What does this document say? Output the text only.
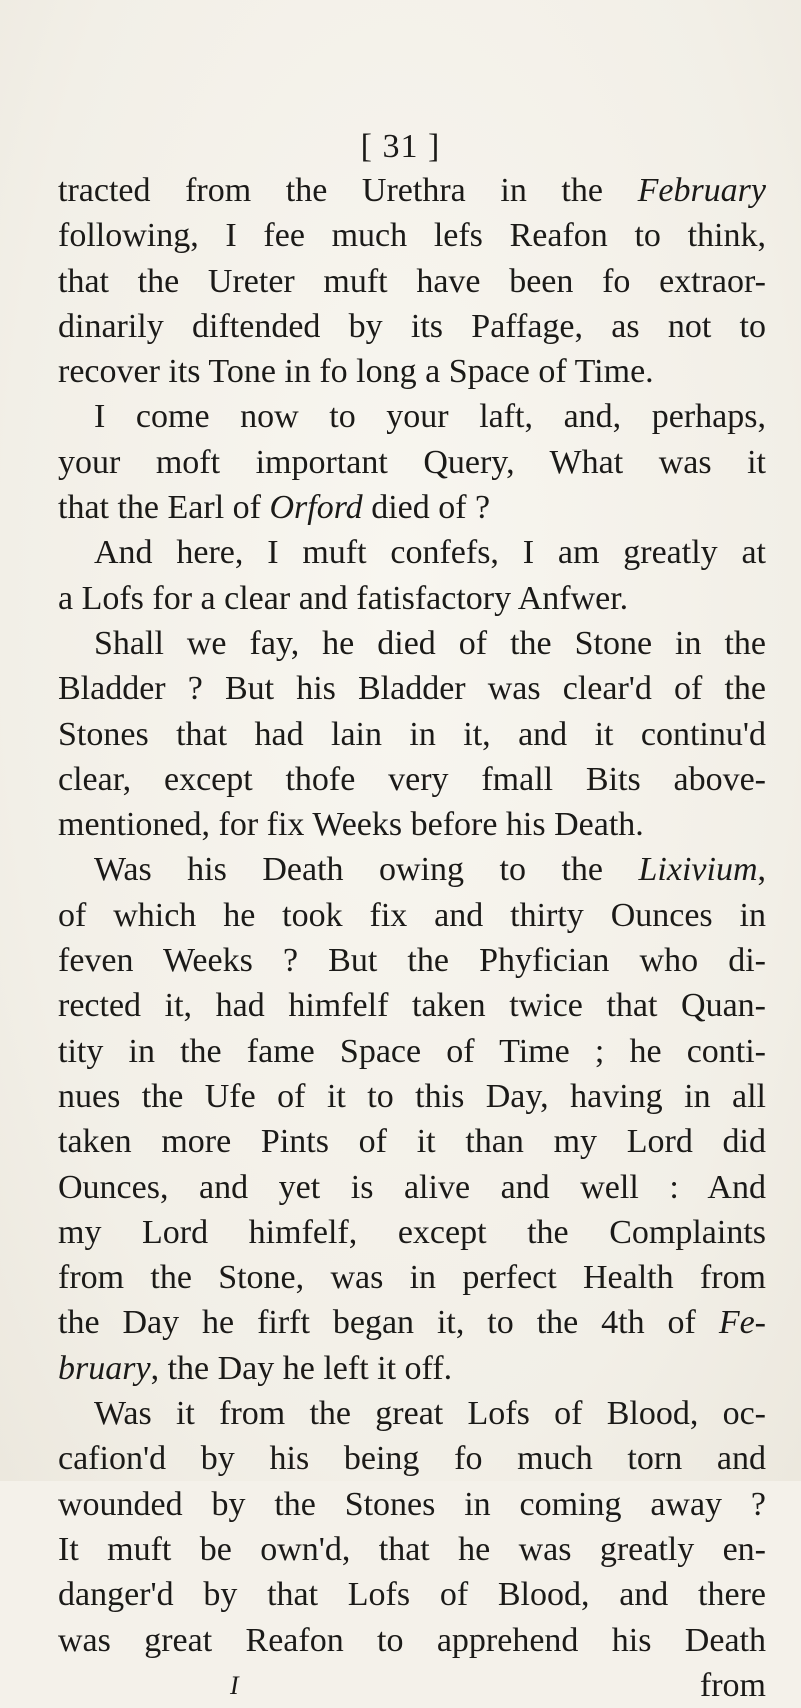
[ 31 ]
tracted from the Urethra in the February
following, I fee much lefs Reafon to think,
that the Ureter muft have been fo extraor-
dinarily diftended by its Paffage, as not to
recover its Tone in fo long a Space of Time.
I come now to your laft, and, perhaps,
your moft important Query, What was it
that the Earl of Orford died of ?
And here, I muft confefs, I am greatly at
a Lofs for a clear and fatisfactory Anfwer.
Shall we fay, he died of the Stone in the
Bladder ? But his Bladder was clear'd of the
Stones that had lain in it, and it continu'd
clear, except thofe very fmall Bits above-
mentioned, for fix Weeks before his Death.
Was his Death owing to the Lixivium,
of which he took fix and thirty Ounces in
feven Weeks ? But the Phyfician who di-
rected it, had himfelf taken twice that Quan-
tity in the fame Space of Time ; he conti-
nues the Ufe of it to this Day, having in all
taken more Pints of it than my Lord did
Ounces, and yet is alive and well : And
my Lord himfelf, except the Complaints
from the Stone, was in perfect Health from
the Day he firft began it, to the 4th of Fe-
bruary, the Day he left it off.
Was it from the great Lofs of Blood, oc-
cafion'd by his being fo much torn and
wounded by the Stones in coming away ?
It muft be own'd, that he was greatly en-
danger'd by that Lofs of Blood, and there
was great Reafon to apprehend his Death
I	from
